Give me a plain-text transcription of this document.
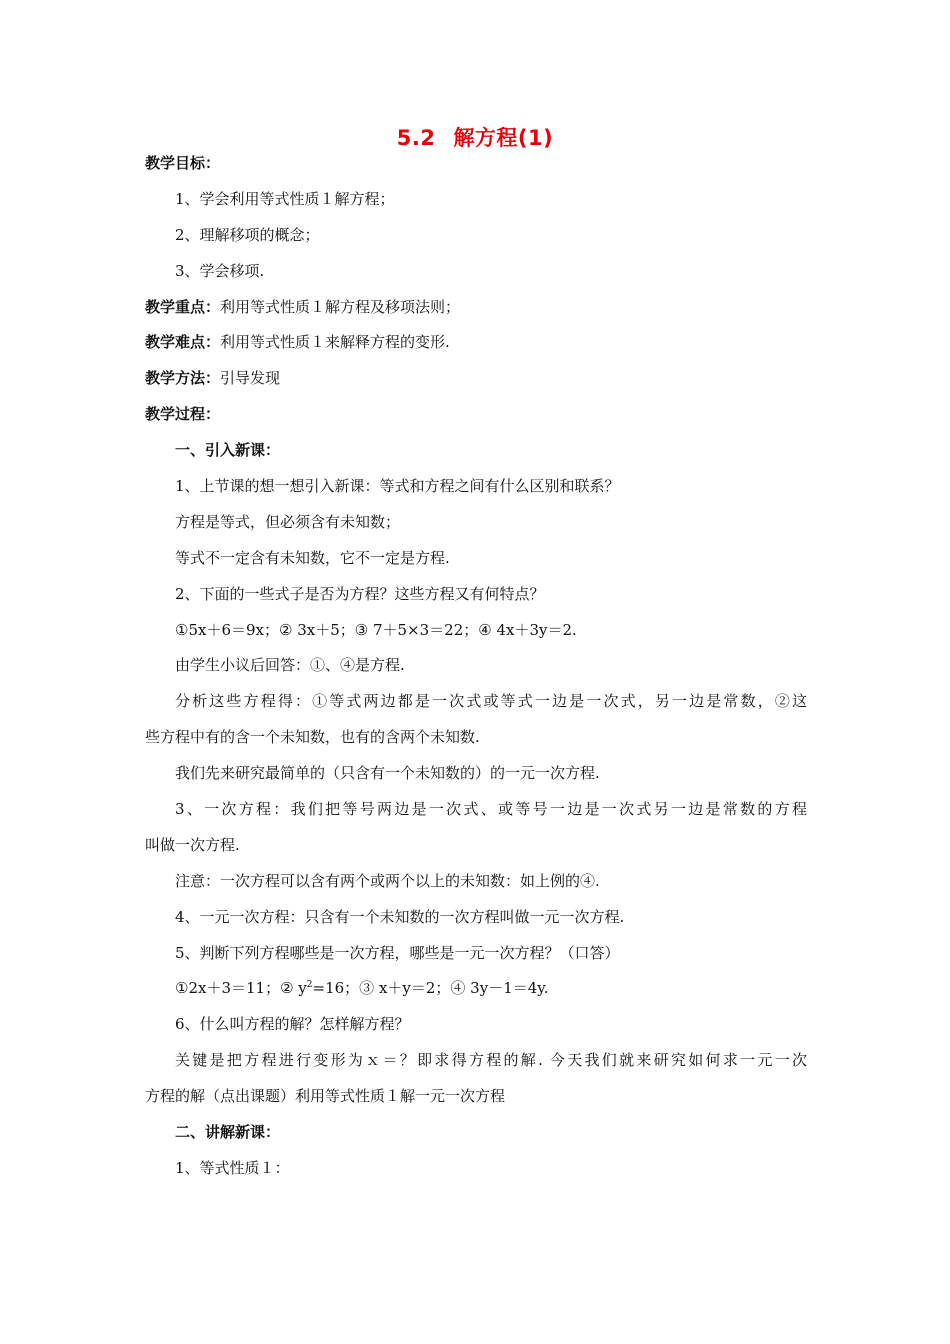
5.2 解方程(1)

教学目标：

1、学会利用等式性质１解方程；

2、理解移项的概念；

3、学会移项.

教学重点：利用等式性质１解方程及移项法则；

教学难点：利用等式性质１来解释方程的变形.

教学方法：引导发现

教学过程：

一、引入新课：

1、上节课的想一想引入新课：等式和方程之间有什么区别和联系？

方程是等式，但必须含有未知数；

等式不一定含有未知数，它不一定是方程.

2、下面的一些式子是否为方程？这些方程又有何特点？

①5x＋6＝9x；② 3x＋5；③ 7＋5×3＝22；④ 4x＋3y＝2.

由学生小议后回答：①、④是方程.

分析这些方程得：①等式两边都是一次式或等式一边是一次式，另一边是常数，②这

些方程中有的含一个未知数，也有的含两个未知数.

我们先来研究最简单的（只含有一个未知数的）的一元一次方程.

3、一次方程：我们把等号两边是一次式、或等号一边是一次式另一边是常数的方程

叫做一次方程.

注意：一次方程可以含有两个或两个以上的未知数：如上例的④.

4、一元一次方程：只含有一个未知数的一次方程叫做一元一次方程.

5、判断下列方程哪些是一次方程，哪些是一元一次方程？（口答）

①2x＋3＝11；② $y^2=16$；③ x＋y＝2；④ 3y－1＝4y.

6、什么叫方程的解？怎样解方程？

关键是把方程进行变形为ｘ＝？即求得方程的解. 今天我们就来研究如何求一元一次

方程的解（点出课题）利用等式性质１解一元一次方程

二、讲解新课：

1、等式性质１：
